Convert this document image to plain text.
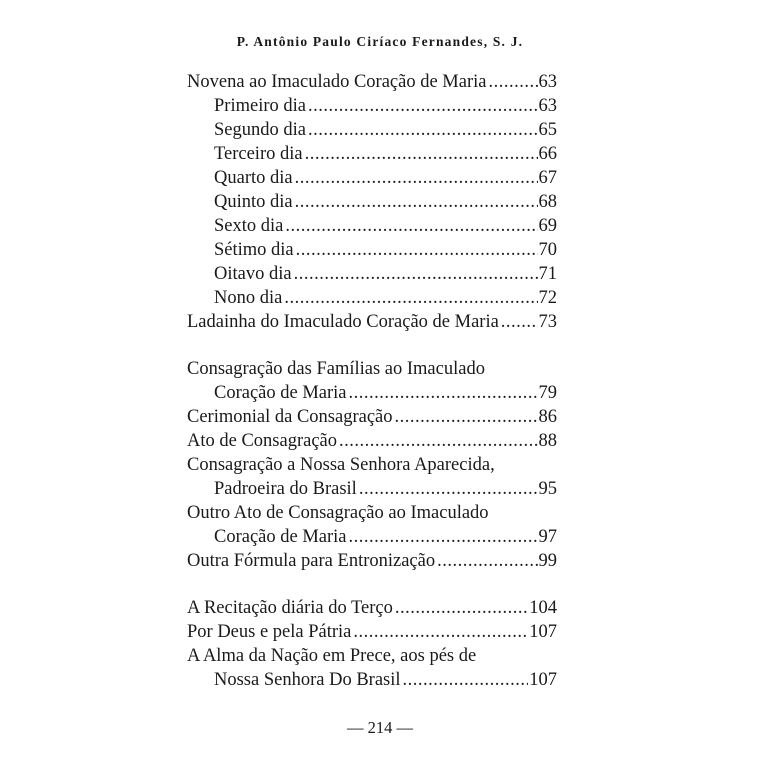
P. Antônio Paulo Ciríaco Fernandes, S. J.
Novena ao Imaculado Coração de Maria .....	63
Primeiro dia .....	63
Segundo dia .....	65
Terceiro dia .....	66
Quarto dia .....	67
Quinto dia .....	68
Sexto dia .....	69
Sétimo dia .....	70
Oitavo dia .....	71
Nono dia .....	72
Ladainha do Imaculado Coração de Maria ..... 73
Consagração das Famílias ao Imaculado
Coração de Maria .....	79
Cerimonial da Consagração .....	86
Ato de Consagração .....	88
Consagração a Nossa Senhora Aparecida,
Padroeira do Brasil .....	95
Outro Ato de Consagração ao Imaculado
Coração de Maria .....	97
Outra Fórmula para Entronização .....	99
A Recitação diária do Terço .....	104
Por Deus e pela Pátria .....	107
A Alma da Nação em Prece, aos pés de
Nossa Senhora Do Brasil .....	107
— 214 —
